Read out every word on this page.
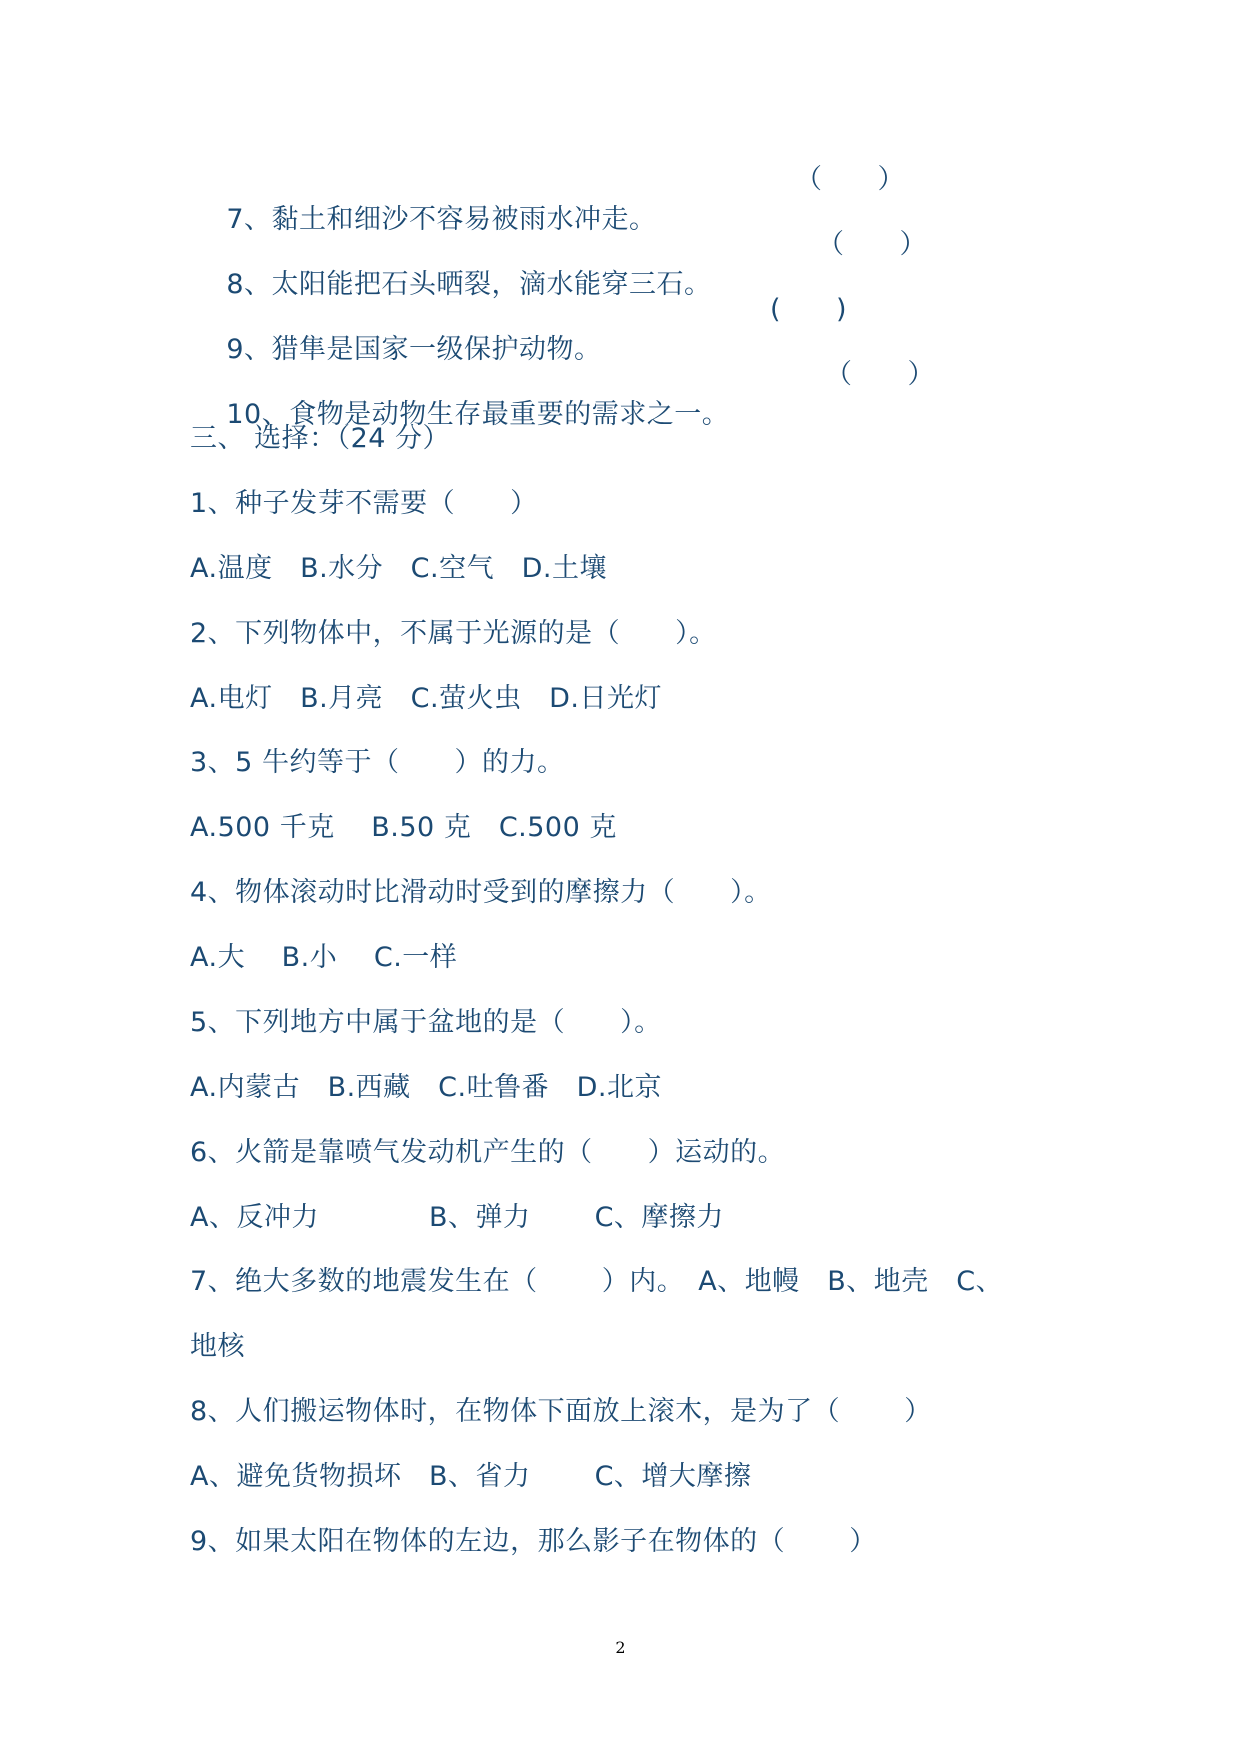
7、黏土和细沙不容易被雨水冲走。

（　　）

8、太阳能把石头晒裂，滴水能穿三石。

（　　）

9、猎隼是国家一级保护动物。

(　　)

10、食物是动物生存最重要的需求之一。

（　　）

三、 选择：（24 分）
1、种子发芽不需要（　　）
A.温度　B.水分　C.空气　D.土壤
2、下列物体中，不属于光源的是（　　）。
A.电灯　B.月亮　C.萤火虫　D.日光灯
3、5 牛约等于（　　）的力。
A.500 千克　 B.50 克　C.500 克
4、物体滚动时比滑动时受到的摩擦力（　　）。
A.大　 B.小　 C.一样
5、下列地方中属于盆地的是（　　）。
A.内蒙古　B.西藏　C.吐鲁番　D.北京
6、火箭是靠喷气发动机产生的（　　）运动的。
A、反冲力　　　　B、弹力　　 C、摩擦力
7、绝大多数的地震发生在（　　 ）内。　A、地幔　B、地壳　C、
地核
8、人们搬运物体时，在物体下面放上滚木，是为了（　　 ）
A、避免货物损坏　B、省力　　 C、增大摩擦
9、如果太阳在物体的左边，那么影子在物体的（　　 ）
2
